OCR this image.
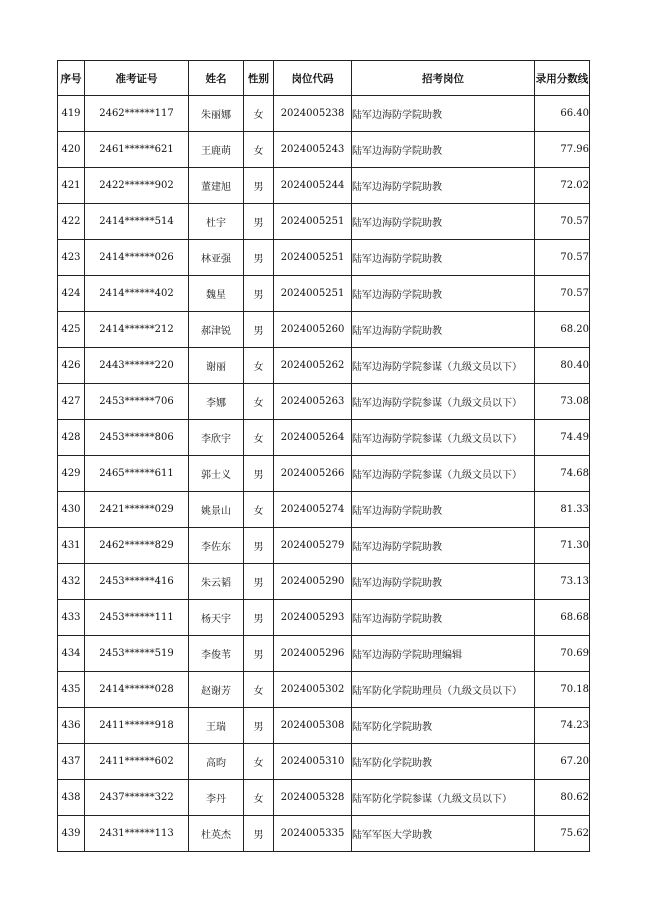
序号	准考证号	姓名	性别	岗位代码	招考岗位	录用分数线
419	2462******117	朱丽娜	女	2024005238	陆军边海防学院助教	66.40
420	2461******621	王鹿萌	女	2024005243	陆军边海防学院助教	77.96
421	2422******902	董建旭	男	2024005244	陆军边海防学院助教	72.02
422	2414******514	杜宇	男	2024005251	陆军边海防学院助教	70.57
423	2414******026	林亚强	男	2024005251	陆军边海防学院助教	70.57
424	2414******402	魏星	男	2024005251	陆军边海防学院助教	70.57
425	2414******212	郝津锐	男	2024005260	陆军边海防学院助教	68.20
426	2443******220	谢丽	女	2024005262	陆军边海防学院参谋（九级文员以下）	80.40
427	2453******706	李娜	女	2024005263	陆军边海防学院参谋（九级文员以下）	73.08
428	2453******806	李欣宇	女	2024005264	陆军边海防学院参谋（九级文员以下）	74.49
429	2465******611	郭士义	男	2024005266	陆军边海防学院参谋（九级文员以下）	74.68
430	2421******029	姚景山	女	2024005274	陆军边海防学院助教	81.33
431	2462******829	李佐东	男	2024005279	陆军边海防学院助教	71.30
432	2453******416	朱云韬	男	2024005290	陆军边海防学院助教	73.13
433	2453******111	杨天宇	男	2024005293	陆军边海防学院助教	68.68
434	2453******519	李俊苇	男	2024005296	陆军边海防学院助理编辑	70.69
435	2414******028	赵谢芳	女	2024005302	陆军防化学院助理员（九级文员以下）	70.18
436	2411******918	王瑞	男	2024005308	陆军防化学院助教	74.23
437	2411******602	高昀	女	2024005310	陆军防化学院助教	67.20
438	2437******322	李丹	女	2024005328	陆军防化学院参谋（九级文员以下）	80.62
439	2431******113	杜英杰	男	2024005335	陆军军医大学助教	75.62
